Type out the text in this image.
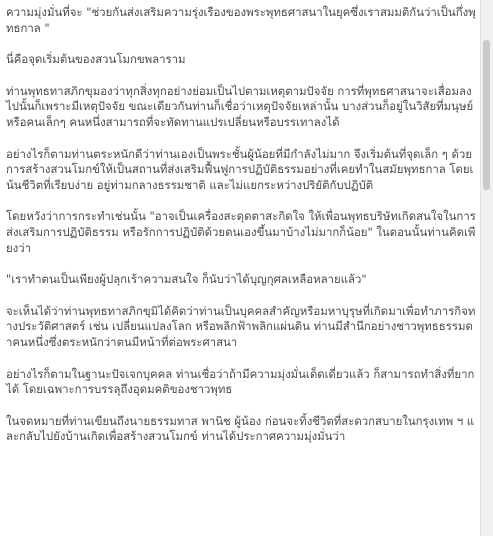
ความมุ่งมั่นที่จะ "ช่วยกันส่งเสริมความรุ่งเรืองของพระพุทธศาสนาในยุคซึ่งเราสมมติกันว่าเป็นกึ่งพุทธกาล "

นี่คือจุดเริ่มต้นของสวนโมกขพลาราม

ท่านพุทธทาสภิกขุมองว่าทุกสิ่งทุกอย่างย่อมเป็นไปตามเหตุตามปัจจัย การที่พุทธศาสนาจะเสื่อมลงไปนั้นก็เพราะมีเหตุปัจจัย ขณะเดียวกันท่านก็เชื่อว่าเหตุปัจจัยเหล่านั้น บางส่วนก็อยู่ในวิสัยที่มนุษย์หรือคนเล็กๆ คนหนึ่งสามารถที่จะทัดทานแปรเปลี่ยนหรือบรรเทาลงได้

อย่างไรก็ตามท่านตระหนักดีว่าท่านเองเป็นพระชั้นผู้น้อยที่มีกำลังไม่มาก จึงเริ่มต้นที่จุดเล็ก ๆ ด้วยการสร้างสวนโมกข์ให้เป็นสถานที่ส่งเสริมฟื้นฟูการปฏิบัติธรรมอย่างที่เคยทำในสมัยพุทธกาล โดยเน้นชีวิตที่เรียบง่าย อยู่ท่ามกลางธรรมชาติ และไม่แยกระหว่างปริยัติกับปฏิบัติ

โดยหวังว่าการกระทำเช่นนั้น "อาจเป็นเครื่องสะดุดตาสะกิดใจ ให้เพื่อนพุทธบริษัทเกิดสนใจในการส่งเสริมการปฏิบัติธรรม หรือรักการปฏิบัติด้วยตนเองขึ้นมาบ้างไม่มากก็น้อย" ในตอนนั้นท่านคิดเพียงว่า

"เราทำตนเป็นเพียงผู้ปลุกเร้าความสนใจ ก็นับว่าได้บุญกุศลเหลือหลายแล้ว"

จะเห็นได้ว่าท่านพุทธทาสภิกขุมิได้คิดว่าท่านเป็นบุคคลสำคัญหรือมหาบุรุษที่เกิดมาเพื่อทำภารกิจทางประวัติศาสตร์ เช่น เปลี่ยนแปลงโลก หรือพลิกฟ้าพลิกแผ่นดิน ท่านมีสำนึกอย่างชาวพุทธธรรมดาคนหนึ่งซึ่งตระหนักว่าตนมีหน้าที่ต่อพระศาสนา

อย่างไรก็ตามในฐานะปัจเจกบุคคล ท่านเชื่อว่าถ้ามีความมุ่งมั่นเด็ดเดี่ยวแล้ว ก็สามารถทำสิ่งที่ยากได้ โดยเฉพาะการบรรลุถึงอุดมคติของชาวพุทธ

ในจดหมายที่ท่านเขียนถึงนายธรรมทาส พานิช ผู้น้อง ก่อนจะทิ้งชีวิตที่สะดวกสบายในกรุงเทพ ฯ และกลับไปยังบ้านเกิดเพื่อสร้างสวนโมกข์ ท่านได้ประกาศความมุ่งมั่นว่า
